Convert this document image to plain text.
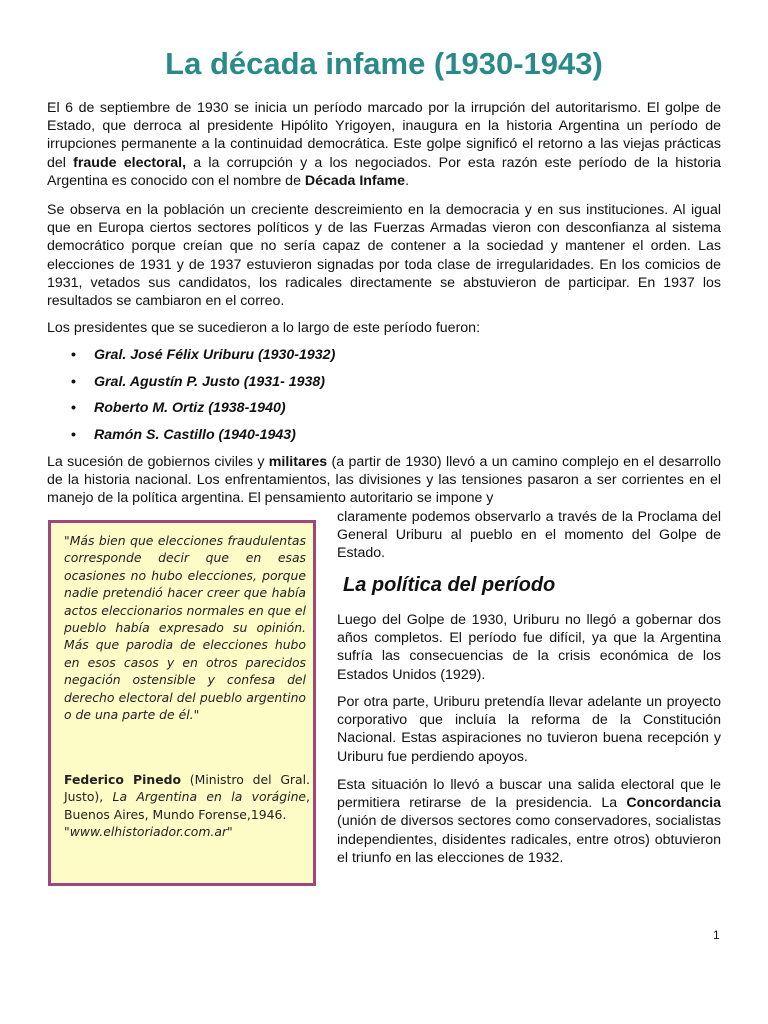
La década infame (1930-1943)

El 6 de septiembre de 1930 se inicia un período marcado por la irrupción del autoritarismo. El golpe de Estado, que derroca al presidente Hipólito Yrigoyen, inaugura en la historia Argentina un período de irrupciones permanente a la continuidad democrática. Este golpe significó el retorno a las viejas prácticas del fraude electoral, a la corrupción y a los negociados. Por esta razón este período de la historia Argentina es conocido con el nombre de Década Infame.

Se observa en la población un creciente descreimiento en la democracia y en sus instituciones. Al igual que en Europa ciertos sectores políticos y de las Fuerzas Armadas vieron con desconfianza al sistema democrático porque creían que no sería capaz de contener a la sociedad y mantener el orden. Las elecciones de 1931 y de 1937 estuvieron signadas por toda clase de irregularidades. En los comicios de 1931, vetados sus candidatos, los radicales directamente se abstuvieron de participar. En 1937 los resultados se cambiaron en el correo.

Los presidentes que se sucedieron a lo largo de este período fueron:

• Gral. José Félix Uriburu (1930-1932)
• Gral. Agustín P. Justo (1931- 1938)
• Roberto M. Ortiz (1938-1940)
• Ramón S. Castillo (1940-1943)

La sucesión de gobiernos civiles y militares (a partir de 1930) llevó a un camino complejo en el desarrollo de la historia nacional. Los enfrentamientos, las divisiones y las tensiones pasaron a ser corrientes en el manejo de la política argentina. El pensamiento autoritario se impone y

claramente podemos observarlo a través de la Proclama del General Uriburu al pueblo en el momento del Golpe de Estado.

"Más bien que elecciones fraudulentas corresponde decir que en esas ocasiones no hubo elecciones, porque nadie pretendió hacer creer que había actos eleccionarios normales en que el pueblo había expresado su opinión. Más que parodia de elecciones hubo en esos casos y en otros parecidos negación ostensible y confesa del derecho electoral del pueblo argentino o de una parte de él."

Federico Pinedo (Ministro del Gral. Justo), La Argentina en la vorágine, Buenos Aires, Mundo Forense,1946.
"www.elhistoriador.com.ar"

La política del período

Luego del Golpe de 1930, Uriburu no llegó a gobernar dos años completos. El período fue difícil, ya que la Argentina sufría las consecuencias de la crisis económica de los Estados Unidos (1929).

Por otra parte, Uriburu pretendía llevar adelante un proyecto corporativo que incluía la reforma de la Constitución Nacional. Estas aspiraciones no tuvieron buena recepción y Uriburu fue perdiendo apoyos.

Esta situación lo llevó a buscar una salida electoral que le permitiera retirarse de la presidencia. La Concordancia (unión de diversos sectores como conservadores, socialistas independientes, disidentes radicales, entre otros) obtuvieron el triunfo en las elecciones de 1932.

1
